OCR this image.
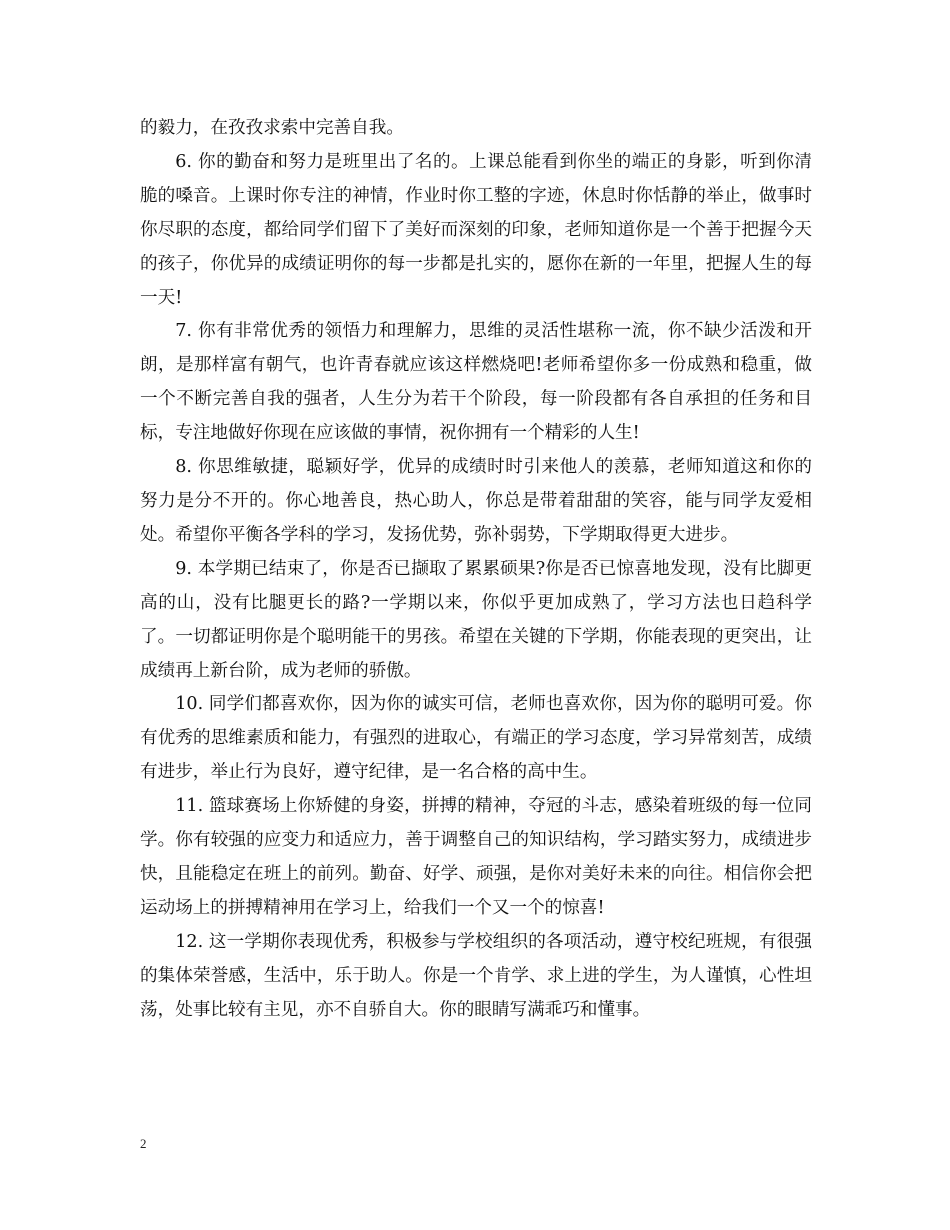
的毅力，在孜孜求索中完善自我。

6. 你的勤奋和努力是班里出了名的。上课总能看到你坐的端正的身影，听到你清脆的嗓音。上课时你专注的神情，作业时你工整的字迹，休息时你恬静的举止，做事时你尽职的态度，都给同学们留下了美好而深刻的印象，老师知道你是一个善于把握今天的孩子，你优异的成绩证明你的每一步都是扎实的，愿你在新的一年里，把握人生的每一天!

7. 你有非常优秀的领悟力和理解力，思维的灵活性堪称一流，你不缺少活泼和开朗，是那样富有朝气，也许青春就应该这样燃烧吧!老师希望你多一份成熟和稳重，做一个不断完善自我的强者，人生分为若干个阶段，每一阶段都有各自承担的任务和目标，专注地做好你现在应该做的事情，祝你拥有一个精彩的人生!

8. 你思维敏捷，聪颖好学，优异的成绩时时引来他人的羡慕，老师知道这和你的努力是分不开的。你心地善良，热心助人，你总是带着甜甜的笑容，能与同学友爱相处。希望你平衡各学科的学习，发扬优势，弥补弱势，下学期取得更大进步。

9. 本学期已结束了，你是否已撷取了累累硕果?你是否已惊喜地发现，没有比脚更高的山，没有比腿更长的路?一学期以来，你似乎更加成熟了，学习方法也日趋科学了。一切都证明你是个聪明能干的男孩。希望在关键的下学期，你能表现的更突出，让成绩再上新台阶，成为老师的骄傲。

10. 同学们都喜欢你，因为你的诚实可信，老师也喜欢你，因为你的聪明可爱。你有优秀的思维素质和能力，有强烈的进取心，有端正的学习态度，学习异常刻苦，成绩有进步，举止行为良好，遵守纪律，是一名合格的高中生。

11. 篮球赛场上你矫健的身姿，拼搏的精神，夺冠的斗志，感染着班级的每一位同学。你有较强的应变力和适应力，善于调整自己的知识结构，学习踏实努力，成绩进步快，且能稳定在班上的前列。勤奋、好学、顽强，是你对美好未来的向往。相信你会把运动场上的拼搏精神用在学习上，给我们一个又一个的惊喜!

12. 这一学期你表现优秀，积极参与学校组织的各项活动，遵守校纪班规，有很强的集体荣誉感，生活中，乐于助人。你是一个肯学、求上进的学生，为人谨慎，心性坦荡，处事比较有主见，亦不自骄自大。你的眼睛写满乖巧和懂事。

2
